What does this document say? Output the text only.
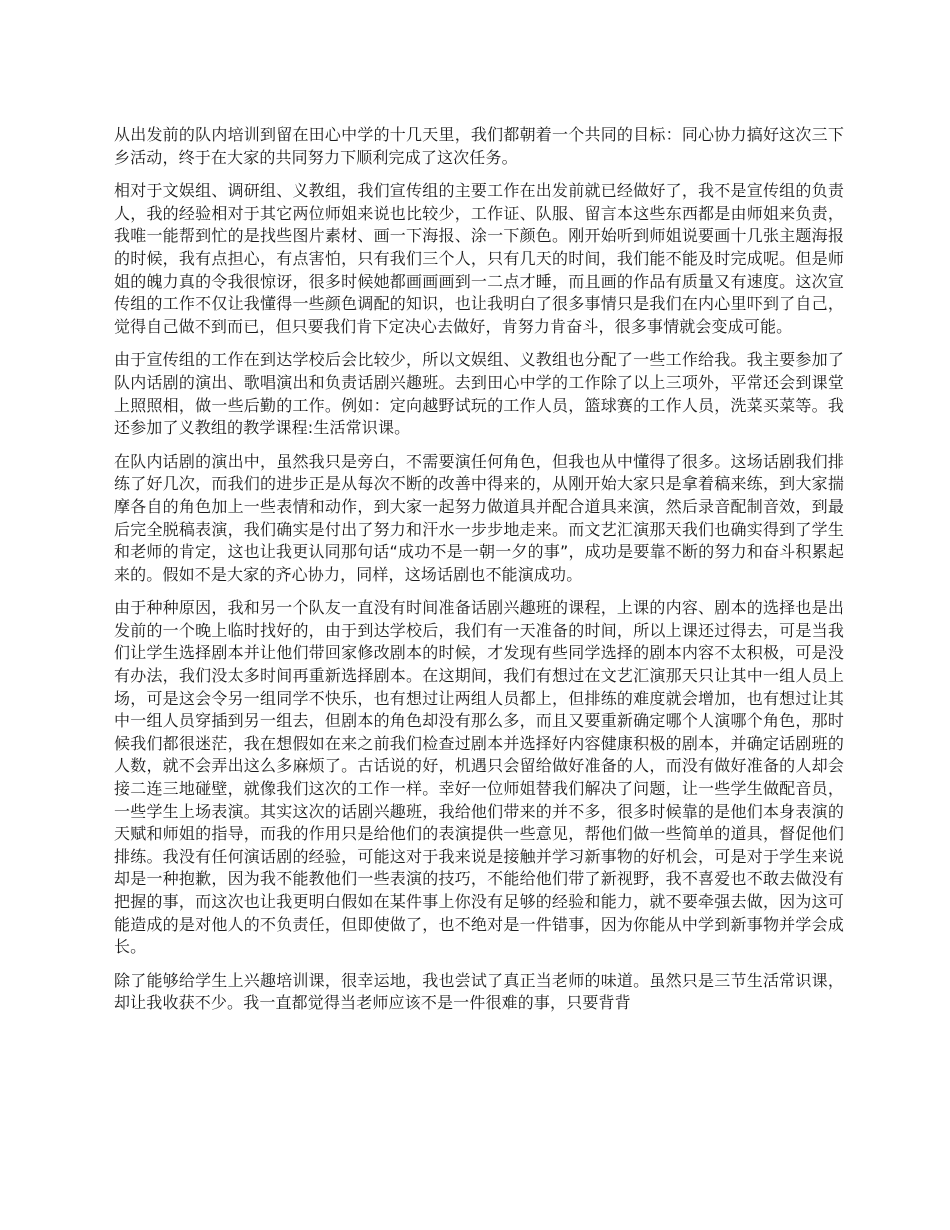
从出发前的队内培训到留在田心中学的十几天里，我们都朝着一个共同的目标：同心协力搞好这次三下乡活动，终于在大家的共同努力下顺利完成了这次任务。

相对于文娱组、调研组、义教组，我们宣传组的主要工作在出发前就已经做好了，我不是宣传组的负责人，我的经验相对于其它两位师姐来说也比较少，工作证、队服、留言本这些东西都是由师姐来负责，我唯一能帮到忙的是找些图片素材、画一下海报、涂一下颜色。刚开始听到师姐说要画十几张主题海报的时候，我有点担心，有点害怕，只有我们三个人，只有几天的时间，我们能不能及时完成呢。但是师姐的魄力真的令我很惊讶，很多时候她都画画画到一二点才睡，而且画的作品有质量又有速度。这次宣传组的工作不仅让我懂得一些颜色调配的知识，也让我明白了很多事情只是我们在内心里吓到了自己，觉得自己做不到而已，但只要我们肯下定决心去做好，肯努力肯奋斗，很多事情就会变成可能。

由于宣传组的工作在到达学校后会比较少，所以文娱组、义教组也分配了一些工作给我。我主要参加了队内话剧的演出、歌唱演出和负责话剧兴趣班。去到田心中学的工作除了以上三项外，平常还会到课堂上照照相，做一些后勤的工作。例如：定向越野试玩的工作人员，篮球赛的工作人员，洗菜买菜等。我还参加了义教组的教学课程:生活常识课。

在队内话剧的演出中，虽然我只是旁白，不需要演任何角色，但我也从中懂得了很多。这场话剧我们排练了好几次，而我们的进步正是从每次不断的改善中得来的，从刚开始大家只是拿着稿来练，到大家揣摩各自的角色加上一些表情和动作，到大家一起努力做道具并配合道具来演，然后录音配制音效，到最后完全脱稿表演，我们确实是付出了努力和汗水一步步地走来。而文艺汇演那天我们也确实得到了学生和老师的肯定，这也让我更认同那句话“成功不是一朝一夕的事”，成功是要靠不断的努力和奋斗积累起来的。假如不是大家的齐心协力，同样，这场话剧也不能演成功。

由于种种原因，我和另一个队友一直没有时间准备话剧兴趣班的课程，上课的内容、剧本的选择也是出发前的一个晚上临时找好的，由于到达学校后，我们有一天准备的时间，所以上课还过得去，可是当我们让学生选择剧本并让他们带回家修改剧本的时候，才发现有些同学选择的剧本内容不太积极，可是没有办法，我们没太多时间再重新选择剧本。在这期间，我们有想过在文艺汇演那天只让其中一组人员上场，可是这会令另一组同学不快乐，也有想过让两组人员都上，但排练的难度就会增加，也有想过让其中一组人员穿插到另一组去，但剧本的角色却没有那么多，而且又要重新确定哪个人演哪个角色，那时候我们都很迷茫，我在想假如在来之前我们检查过剧本并选择好内容健康积极的剧本，并确定话剧班的人数，就不会弄出这么多麻烦了。古话说的好，机遇只会留给做好准备的人，而没有做好准备的人却会接二连三地碰壁，就像我们这次的工作一样。幸好一位师姐替我们解决了问题，让一些学生做配音员，一些学生上场表演。其实这次的话剧兴趣班，我给他们带来的并不多，很多时候靠的是他们本身表演的天赋和师姐的指导，而我的作用只是给他们的表演提供一些意见，帮他们做一些简单的道具，督促他们排练。我没有任何演话剧的经验，可能这对于我来说是接触并学习新事物的好机会，可是对于学生来说却是一种抱歉，因为我不能教他们一些表演的技巧，不能给他们带了新视野，我不喜爱也不敢去做没有把握的事，而这次也让我更明白假如在某件事上你没有足够的经验和能力，就不要牵强去做，因为这可能造成的是对他人的不负责任，但即使做了，也不绝对是一件错事，因为你能从中学到新事物并学会成长。

除了能够给学生上兴趣培训课，很幸运地，我也尝试了真正当老师的味道。虽然只是三节生活常识课，却让我收获不少。我一直都觉得当老师应该不是一件很难的事，只要背背
